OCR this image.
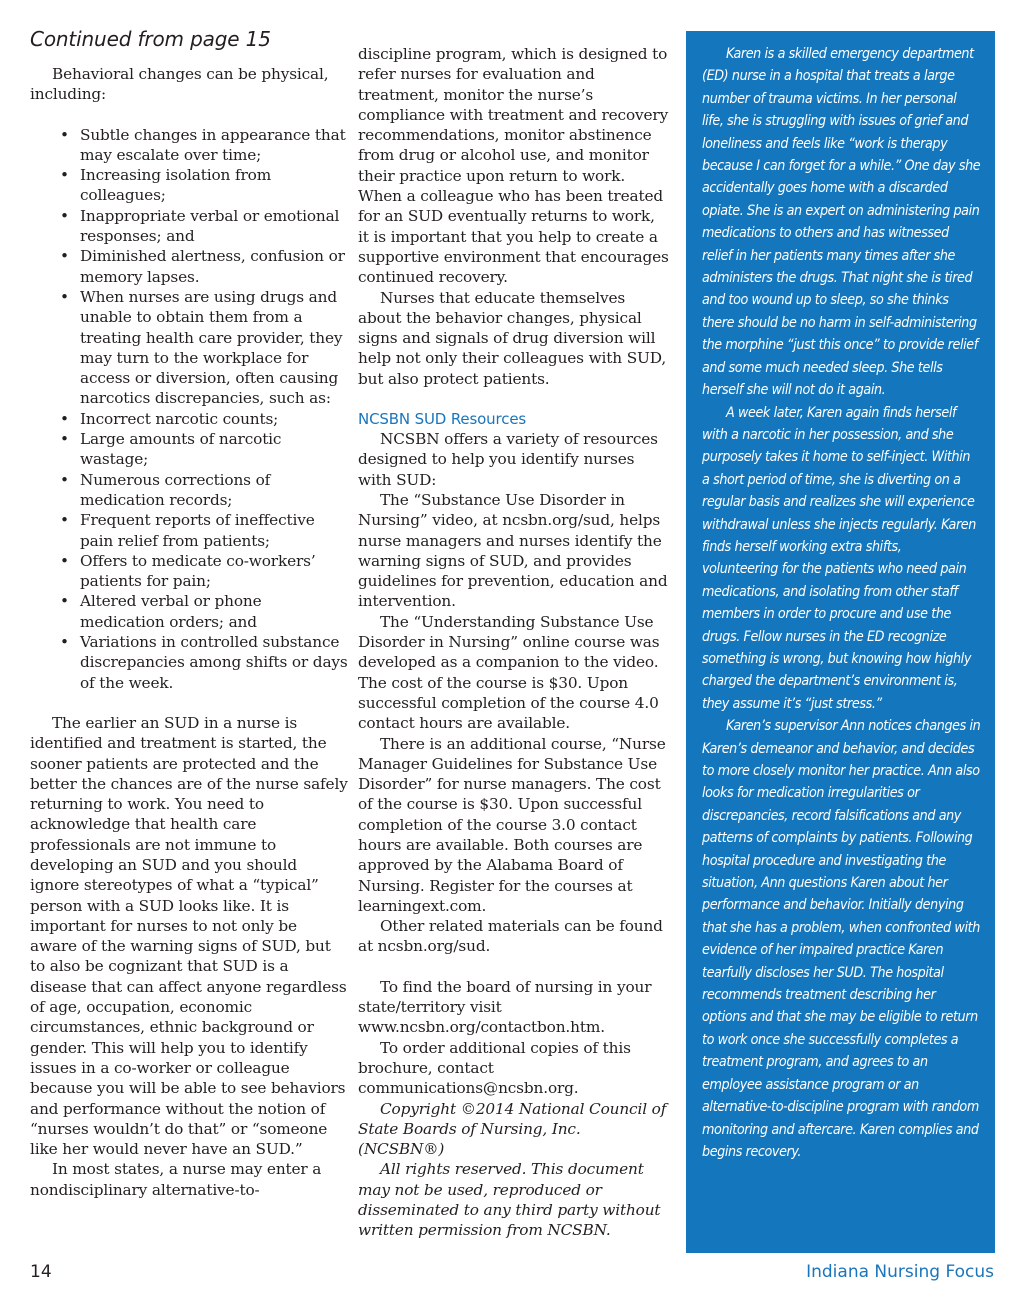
Continued from page 15

Behavioral changes can be physical, including:

• Subtle changes in appearance that may escalate over time;
• Increasing isolation from colleagues;
• Inappropriate verbal or emotional responses; and
• Diminished alertness, confusion or memory lapses.
• When nurses are using drugs and unable to obtain them from a treating health care provider, they may turn to the workplace for access or diversion, often causing narcotics discrepancies, such as:
• Incorrect narcotic counts;
• Large amounts of narcotic wastage;
• Numerous corrections of medication records;
• Frequent reports of ineffective pain relief from patients;
• Offers to medicate co-workers’ patients for pain;
• Altered verbal or phone medication orders; and
• Variations in controlled substance discrepancies among shifts or days of the week.

The earlier an SUD in a nurse is identified and treatment is started, the sooner patients are protected and the better the chances are of the nurse safely returning to work. You need to acknowledge that health care professionals are not immune to developing an SUD and you should ignore stereotypes of what a “typical” person with a SUD looks like. It is important for nurses to not only be aware of the warning signs of SUD, but to also be cognizant that SUD is a disease that can affect anyone regardless of age, occupation, economic circumstances, ethnic background or gender. This will help you to identify issues in a co-worker or colleague because you will be able to see behaviors and performance without the notion of “nurses wouldn’t do that” or “someone like her would never have an SUD.”

In most states, a nurse may enter a nondisciplinary alternative-to-

discipline program, which is designed to refer nurses for evaluation and treatment, monitor the nurse’s compliance with treatment and recovery recommendations, monitor abstinence from drug or alcohol use, and monitor their practice upon return to work. When a colleague who has been treated for an SUD eventually returns to work, it is important that you help to create a supportive environment that encourages continued recovery.

Nurses that educate themselves about the behavior changes, physical signs and signals of drug diversion will help not only their colleagues with SUD, but also protect patients.

NCSBN SUD Resources

NCSBN offers a variety of resources designed to help you identify nurses with SUD:

The “Substance Use Disorder in Nursing” video, at ncsbn.org/sud, helps nurse managers and nurses identify the warning signs of SUD, and provides guidelines for prevention, education and intervention.

The “Understanding Substance Use Disorder in Nursing” online course was developed as a companion to the video. The cost of the course is $30. Upon successful completion of the course 4.0 contact hours are available.

There is an additional course, “Nurse Manager Guidelines for Substance Use Disorder” for nurse managers. The cost of the course is $30. Upon successful completion of the course 3.0 contact hours are available. Both courses are approved by the Alabama Board of Nursing. Register for the courses at learningext.com.

Other related materials can be found at ncsbn.org/sud.

To find the board of nursing in your state/territory visit www.ncsbn.org/contactbon.htm.

To order additional copies of this brochure, contact communications@ncsbn.org.

Copyright ©2014 National Council of State Boards of Nursing, Inc. (NCSBN®)

All rights reserved. This document may not be used, reproduced or disseminated to any third party without written permission from NCSBN.

Karen is a skilled emergency department (ED) nurse in a hospital that treats a large number of trauma victims. In her personal life, she is struggling with issues of grief and loneliness and feels like “work is therapy because I can forget for a while.” One day she accidentally goes home with a discarded opiate. She is an expert on administering pain medications to others and has witnessed relief in her patients many times after she administers the drugs. That night she is tired and too wound up to sleep, so she thinks there should be no harm in self-administering the morphine “just this once” to provide relief and some much needed sleep. She tells herself she will not do it again.

A week later, Karen again finds herself with a narcotic in her possession, and she purposely takes it home to self-inject. Within a short period of time, she is diverting on a regular basis and realizes she will experience withdrawal unless she injects regularly. Karen finds herself working extra shifts, volunteering for the patients who need pain medications, and isolating from other staff members in order to procure and use the drugs. Fellow nurses in the ED recognize something is wrong, but knowing how highly charged the department’s environment is, they assume it’s “just stress.”

Karen’s supervisor Ann notices changes in Karen’s demeanor and behavior, and decides to more closely monitor her practice. Ann also looks for medication irregularities or discrepancies, record falsifications and any patterns of complaints by patients. Following hospital procedure and investigating the situation, Ann questions Karen about her performance and behavior. Initially denying that she has a problem, when confronted with evidence of her impaired practice Karen tearfully discloses her SUD. The hospital recommends treatment describing her options and that she may be eligible to return to work once she successfully completes a treatment program, and agrees to an employee assistance program or an alternative-to-discipline program with random monitoring and aftercare. Karen complies and begins recovery.

14	Indiana Nursing Focus
